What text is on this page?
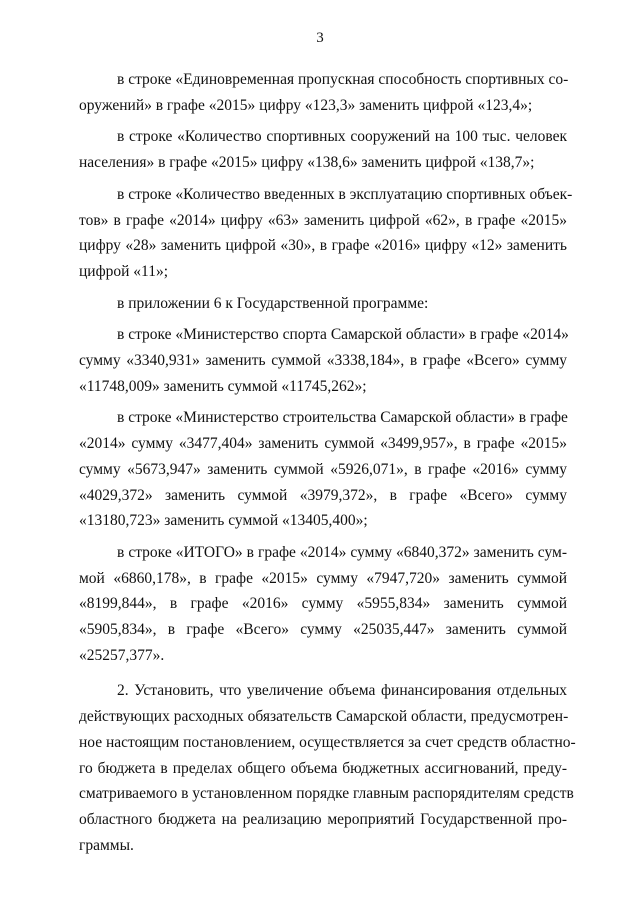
3

в строке «Единовременная пропускная способность спортивных со-
оружений» в графе «2015» цифру «123,3» заменить цифрой «123,4»;

в строке «Количество спортивных сооружений на 100 тыс. человек
населения» в графе «2015» цифру «138,6» заменить цифрой «138,7»;

в строке «Количество введенных в эксплуатацию спортивных объек-
тов» в графе «2014» цифру «63» заменить цифрой «62», в графе «2015»
цифру «28» заменить цифрой «30», в графе «2016» цифру «12» заменить
цифрой «11»;

в приложении 6 к Государственной программе:

в строке «Министерство спорта Самарской области» в графе «2014»
сумму «3340,931» заменить суммой «3338,184», в графе «Всего» сумму
«11748,009» заменить суммой «11745,262»;

в строке «Министерство строительства Самарской области» в графе
«2014» сумму «3477,404» заменить суммой «3499,957», в графе «2015»
сумму «5673,947» заменить суммой «5926,071», в графе «2016» сумму
«4029,372» заменить суммой «3979,372», в графе «Всего» сумму
«13180,723» заменить суммой «13405,400»;

в строке «ИТОГО» в графе «2014» сумму «6840,372» заменить сум-
мой «6860,178», в графе «2015» сумму «7947,720» заменить суммой
«8199,844», в графе «2016» сумму «5955,834» заменить суммой
«5905,834», в графе «Всего» сумму «25035,447» заменить суммой
«25257,377».

2. Установить, что увеличение объема финансирования отдельных
действующих расходных обязательств Самарской области, предусмотрен-
ное настоящим постановлением, осуществляется за счет средств областно-
го бюджета в пределах общего объема бюджетных ассигнований, преду-
сматриваемого в установленном порядке главным распорядителям средств
областного бюджета на реализацию мероприятий Государственной про-
граммы.
